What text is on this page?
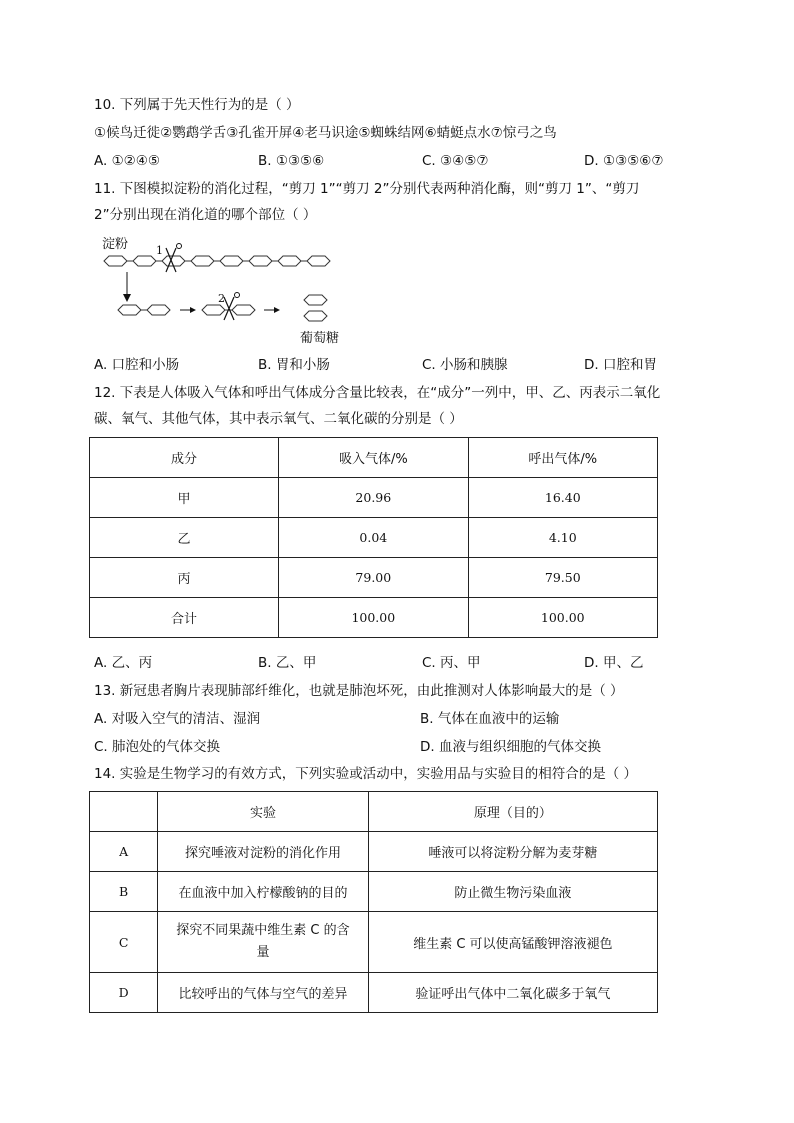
10. 下列属于先天性行为的是（ ）
①候鸟迁徙②鹦鹉学舌③孔雀开屏④老马识途⑤蜘蛛结网⑥蜻蜓点水⑦惊弓之鸟
A. ①②④⑤	B. ①③⑤⑥	C. ③④⑤⑦	D. ①③⑤⑥⑦
11. 下图模拟淀粉的消化过程，“剪刀 1”“剪刀 2”分别代表两种消化酶，则“剪刀 1”、“剪刀
2”分别出现在消化道的哪个部位（ ）
淀粉	1
2
葡萄糖
A. 口腔和小肠	B. 胃和小肠	C. 小肠和胰腺	D. 口腔和胃
12. 下表是人体吸入气体和呼出气体成分含量比较表，在“成分”一列中，甲、乙、丙表示二氧化
碳、氧气、其他气体，其中表示氧气、二氧化碳的分别是（ ）
成分	吸入气体/%	呼出气体/%
甲	20.96	16.40
乙	0.04	4.10
丙	79.00	79.50
合计	100.00	100.00
A. 乙、丙	B. 乙、甲	C. 丙、甲	D. 甲、乙
13. 新冠患者胸片表现肺部纤维化，也就是肺泡坏死，由此推测对人体影响最大的是（ ）
A. 对吸入空气的清洁、湿润	B. 气体在血液中的运输
C. 肺泡处的气体交换	D. 血液与组织细胞的气体交换
14. 实验是生物学习的有效方式，下列实验或活动中，实验用品与实验目的相符合的是（ ）
	实验	原理（目的）
A	探究唾液对淀粉的消化作用	唾液可以将淀粉分解为麦芽糖
B	在血液中加入柠檬酸钠的目的	防止微生物污染血液
C	探究不同果蔬中维生素 C 的含量	维生素 C 可以使高锰酸钾溶液褪色
D	比较呼出的气体与空气的差异	验证呼出气体中二氧化碳多于氧气
